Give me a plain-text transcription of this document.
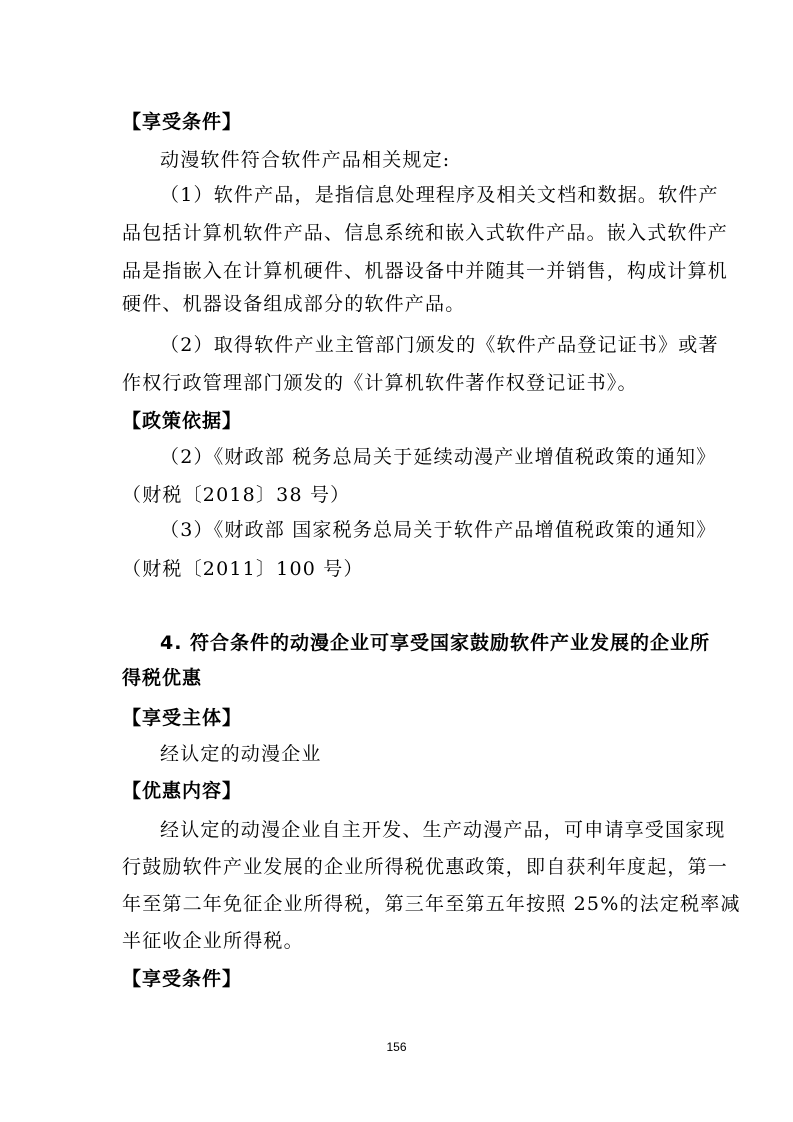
【享受条件】
动漫软件符合软件产品相关规定:
（1）软件产品，是指信息处理程序及相关文档和数据。软件产
品包括计算机软件产品、信息系统和嵌入式软件产品。嵌入式软件产
品是指嵌入在计算机硬件、机器设备中并随其一并销售，构成计算机
硬件、机器设备组成部分的软件产品。
（2）取得软件产业主管部门颁发的《软件产品登记证书》或著
作权行政管理部门颁发的《计算机软件著作权登记证书》。
【政策依据】
（2）《财政部 税务总局关于延续动漫产业增值税政策的通知》
（财税〔2018〕38 号）
（3）《财政部 国家税务总局关于软件产品增值税政策的通知》
（财税〔2011〕100 号）
4. 符合条件的动漫企业可享受国家鼓励软件产业发展的企业所
得税优惠
【享受主体】
经认定的动漫企业
【优惠内容】
经认定的动漫企业自主开发、生产动漫产品，可申请享受国家现
行鼓励软件产业发展的企业所得税优惠政策，即自获利年度起，第一
年至第二年免征企业所得税，第三年至第五年按照 25%的法定税率减
半征收企业所得税。
【享受条件】
156
